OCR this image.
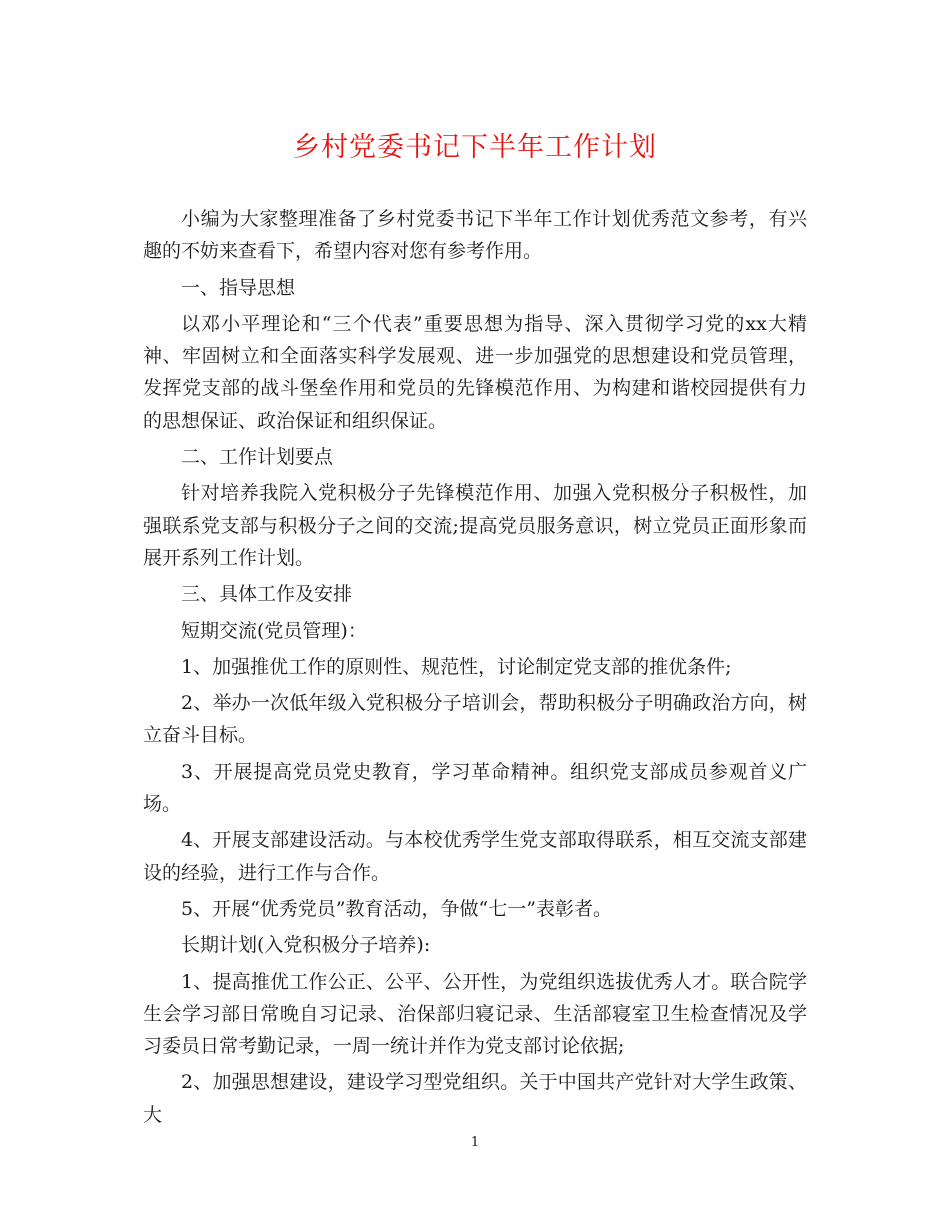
乡村党委书记下半年工作计划

小编为大家整理准备了乡村党委书记下半年工作计划优秀范文参考，有兴趣的不妨来查看下，希望内容对您有参考作用。

一、指导思想

以邓小平理论和“三个代表”重要思想为指导、深入贯彻学习党的xx大精神、牢固树立和全面落实科学发展观、进一步加强党的思想建设和党员管理，发挥党支部的战斗堡垒作用和党员的先锋模范作用、为构建和谐校园提供有力的思想保证、政治保证和组织保证。

二、工作计划要点

针对培养我院入党积极分子先锋模范作用、加强入党积极分子积极性，加强联系党支部与积极分子之间的交流;提高党员服务意识，树立党员正面形象而展开系列工作计划。

三、具体工作及安排

短期交流(党员管理)：

1、加强推优工作的原则性、规范性，讨论制定党支部的推优条件;

2、举办一次低年级入党积极分子培训会，帮助积极分子明确政治方向，树立奋斗目标。

3、开展提高党员党史教育，学习革命精神。组织党支部成员参观首义广场。

4、开展支部建设活动。与本校优秀学生党支部取得联系，相互交流支部建设的经验，进行工作与合作。

5、开展“优秀党员”教育活动，争做“七一”表彰者。

长期计划(入党积极分子培养):

1、提高推优工作公正、公平、公开性，为党组织选拔优秀人才。联合院学生会学习部日常晚自习记录、治保部归寝记录、生活部寝室卫生检查情况及学习委员日常考勤记录，一周一统计并作为党支部讨论依据;

2、加强思想建设，建设学习型党组织。关于中国共产党针对大学生政策、大

1
